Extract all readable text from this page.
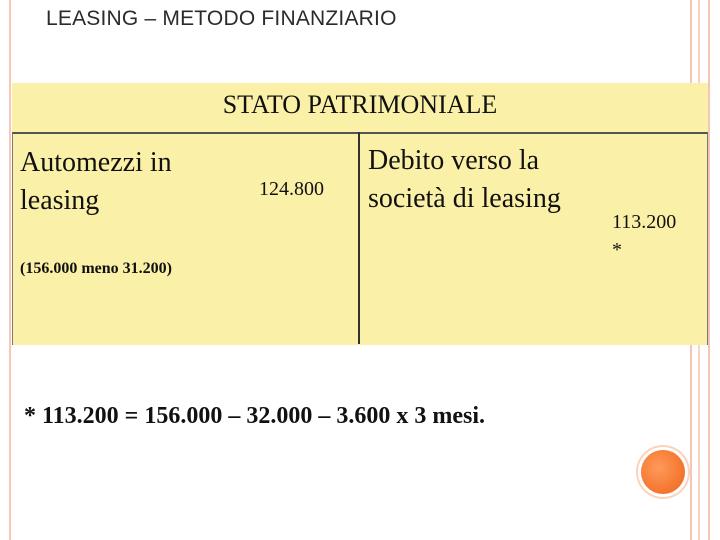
LEASING – METODO FINANZIARIO
STATO PATRIMONIALE
Automezzi in
leasing	124.800
(156.000 meno 31.200)
Debito verso la
società di leasing
113.200
*
* 113.200 = 156.000 – 32.000 – 3.600 x 3 mesi.
